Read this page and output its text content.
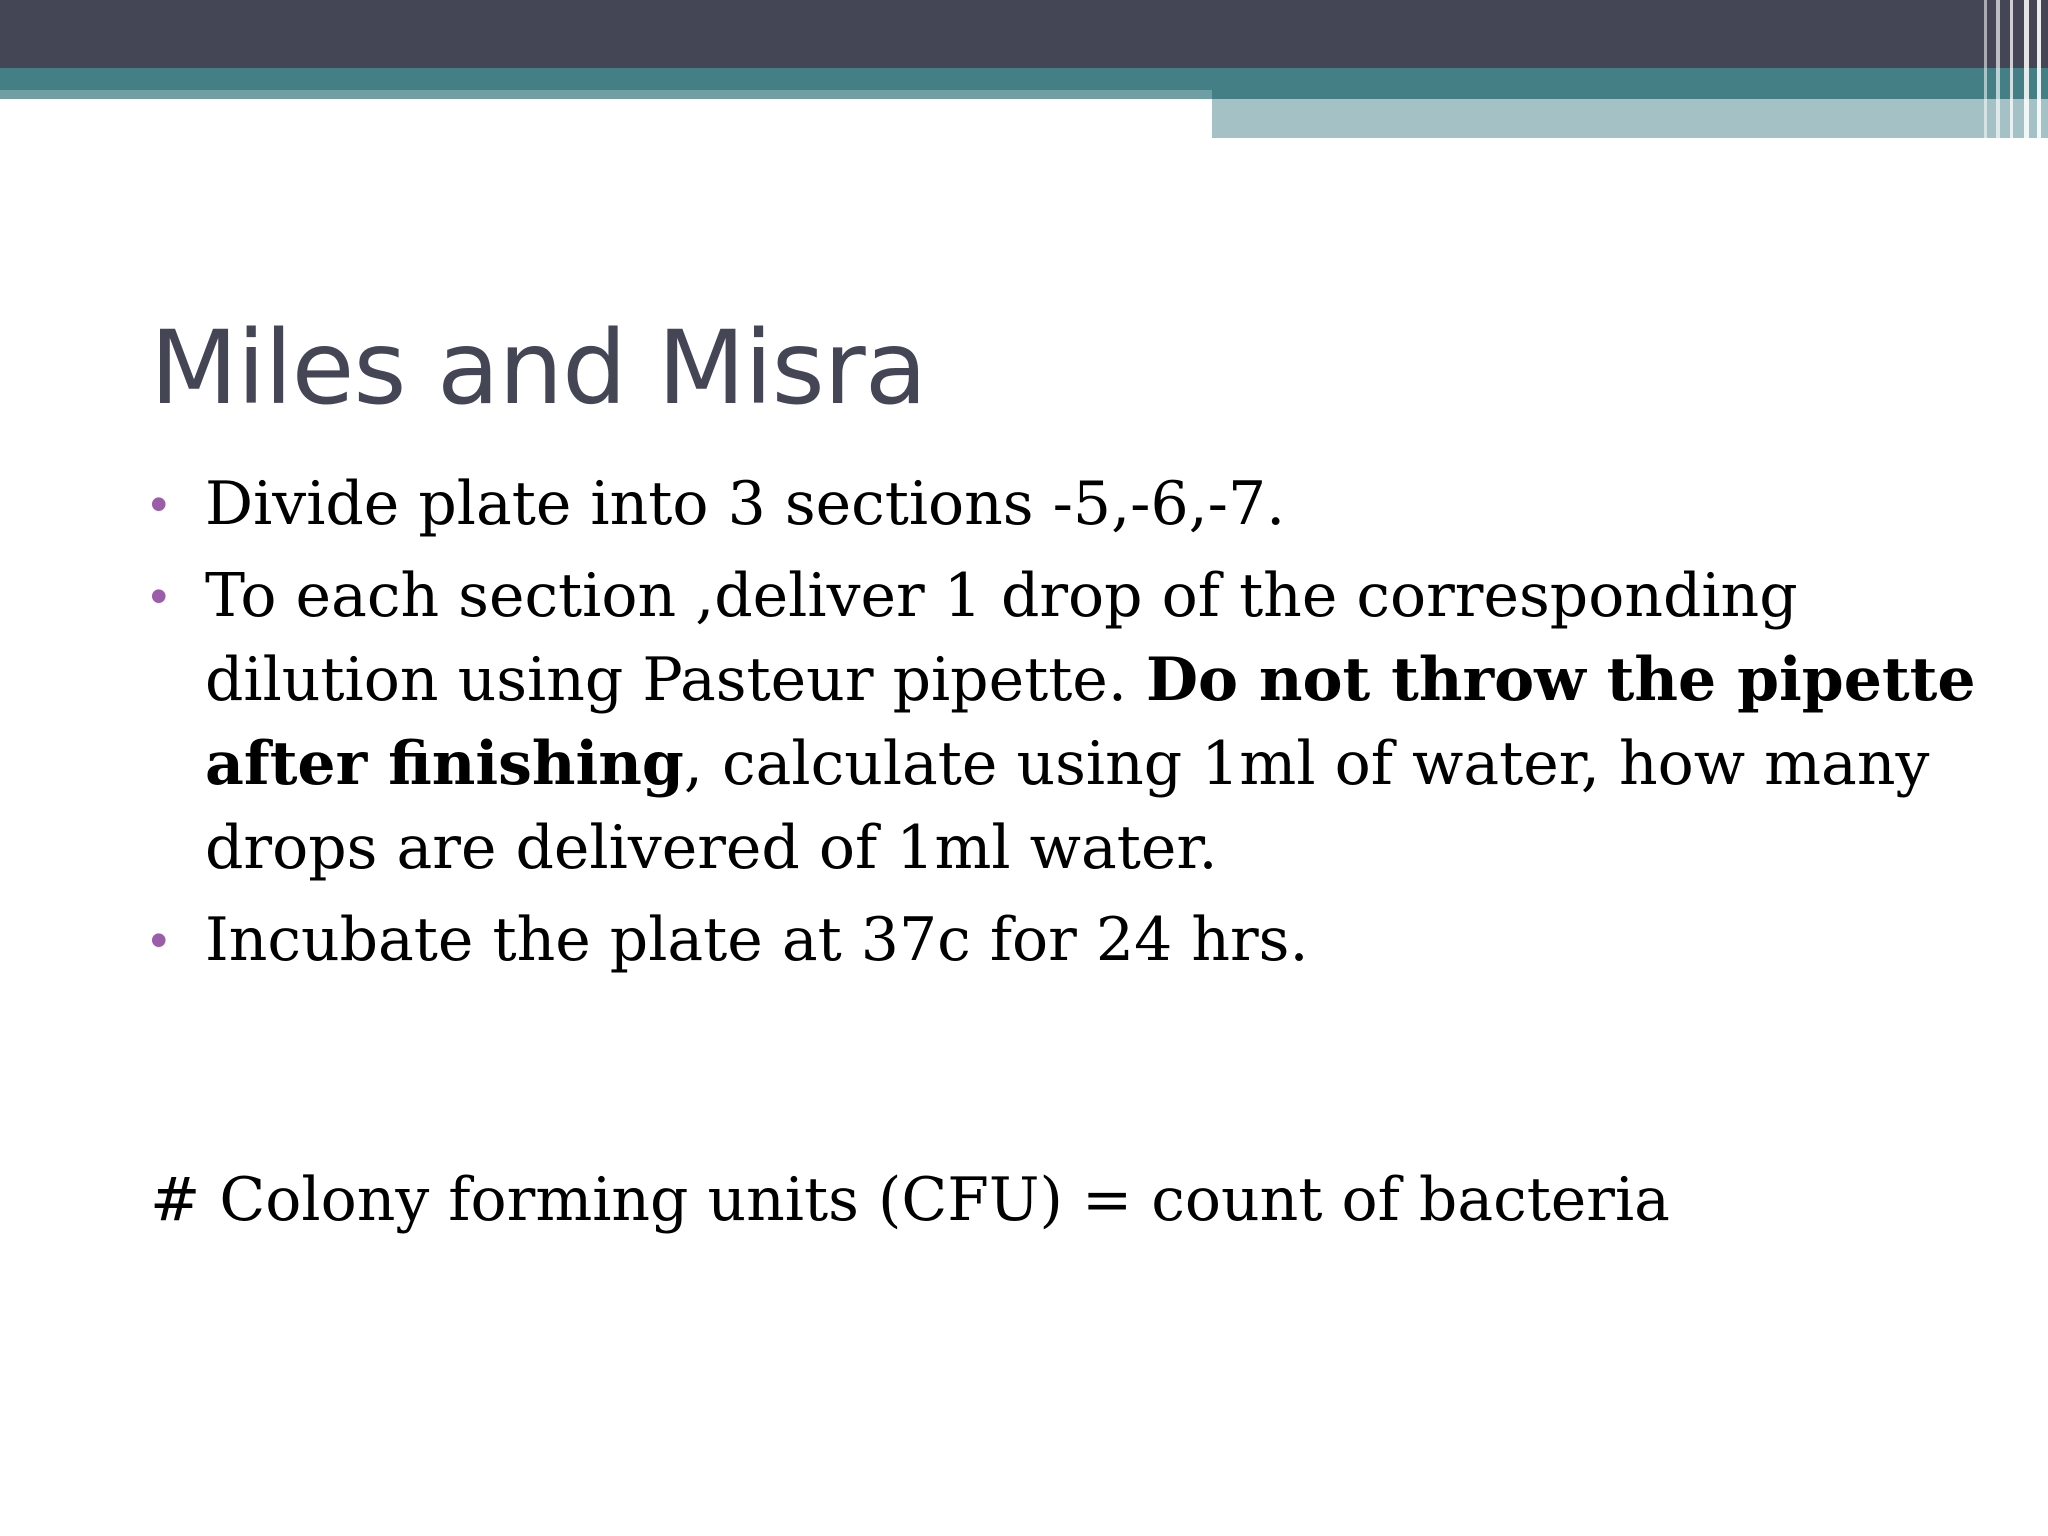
Miles and Misra
• Divide plate into 3 sections -5,-6,-7.
• To each section ,deliver 1 drop of the corresponding dilution using Pasteur pipette. Do not throw the pipette after finishing, calculate using 1ml of water, how many drops are delivered of 1ml water.
• Incubate the plate at 37c for 24 hrs.

# Colony forming units (CFU) = count of bacteria
